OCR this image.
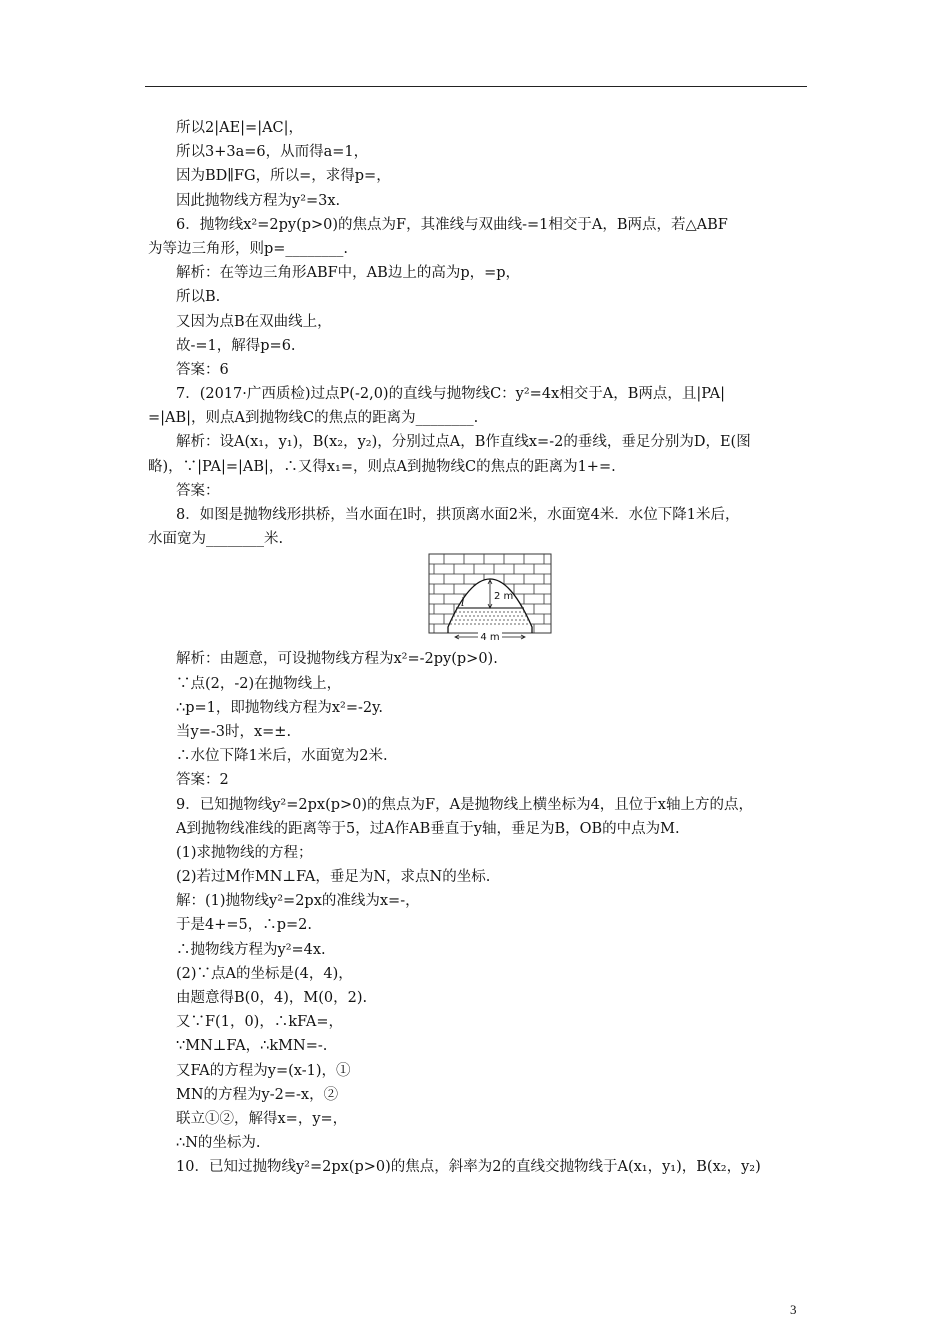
所以2|AE|=|AC|，
所以3+3a=6，从而得a=1，
因为BD∥FG，所以=，求得p=，
因此抛物线方程为y²=3x.
6．抛物线x²=2py(p>0)的焦点为F，其准线与双曲线-=1相交于A，B两点，若△ABF
为等边三角形，则p=________.
解析：在等边三角形ABF中，AB边上的高为p，=p，
所以B.
又因为点B在双曲线上，
故-=1，解得p=6.
答案：6
7．(2017·广西质检)过点P(-2,0)的直线与抛物线C：y²=4x相交于A，B两点，且|PA|
=|AB|，则点A到抛物线C的焦点的距离为________.
解析：设A(x₁，y₁)，B(x₂，y₂)，分别过点A，B作直线x=-2的垂线，垂足分别为D，E(图
略)，∵|PA|=|AB|，∴又得x₁=，则点A到抛物线C的焦点的距离为1+=.
答案：
8．如图是抛物线形拱桥，当水面在l时，拱顶离水面2米，水面宽4米．水位下降1米后，
水面宽为________米.
2 m
l
4 m
解析：由题意，可设抛物线方程为x²=-2py(p>0).
∵点(2，-2)在抛物线上，
∴p=1，即抛物线方程为x²=-2y.
当y=-3时，x=±.
∴水位下降1米后，水面宽为2米.
答案：2
9．已知抛物线y²=2px(p>0)的焦点为F，A是抛物线上横坐标为4，且位于x轴上方的点，
A到抛物线准线的距离等于5，过A作AB垂直于y轴，垂足为B，OB的中点为M.
(1)求抛物线的方程；
(2)若过M作MN⊥FA，垂足为N，求点N的坐标.
解：(1)抛物线y²=2px的准线为x=-，
于是4+=5，∴p=2.
∴抛物线方程为y²=4x.
(2)∵点A的坐标是(4，4)，
由题意得B(0，4)，M(0，2).
又∵F(1，0)，∴kFA=，
∵MN⊥FA，∴kMN=-.
又FA的方程为y=(x-1)，①
MN的方程为y-2=-x，②
联立①②，解得x=，y=，
∴N的坐标为.
10．已知过抛物线y²=2px(p>0)的焦点，斜率为2的直线交抛物线于A(x₁，y₁)，B(x₂，y₂)
3
